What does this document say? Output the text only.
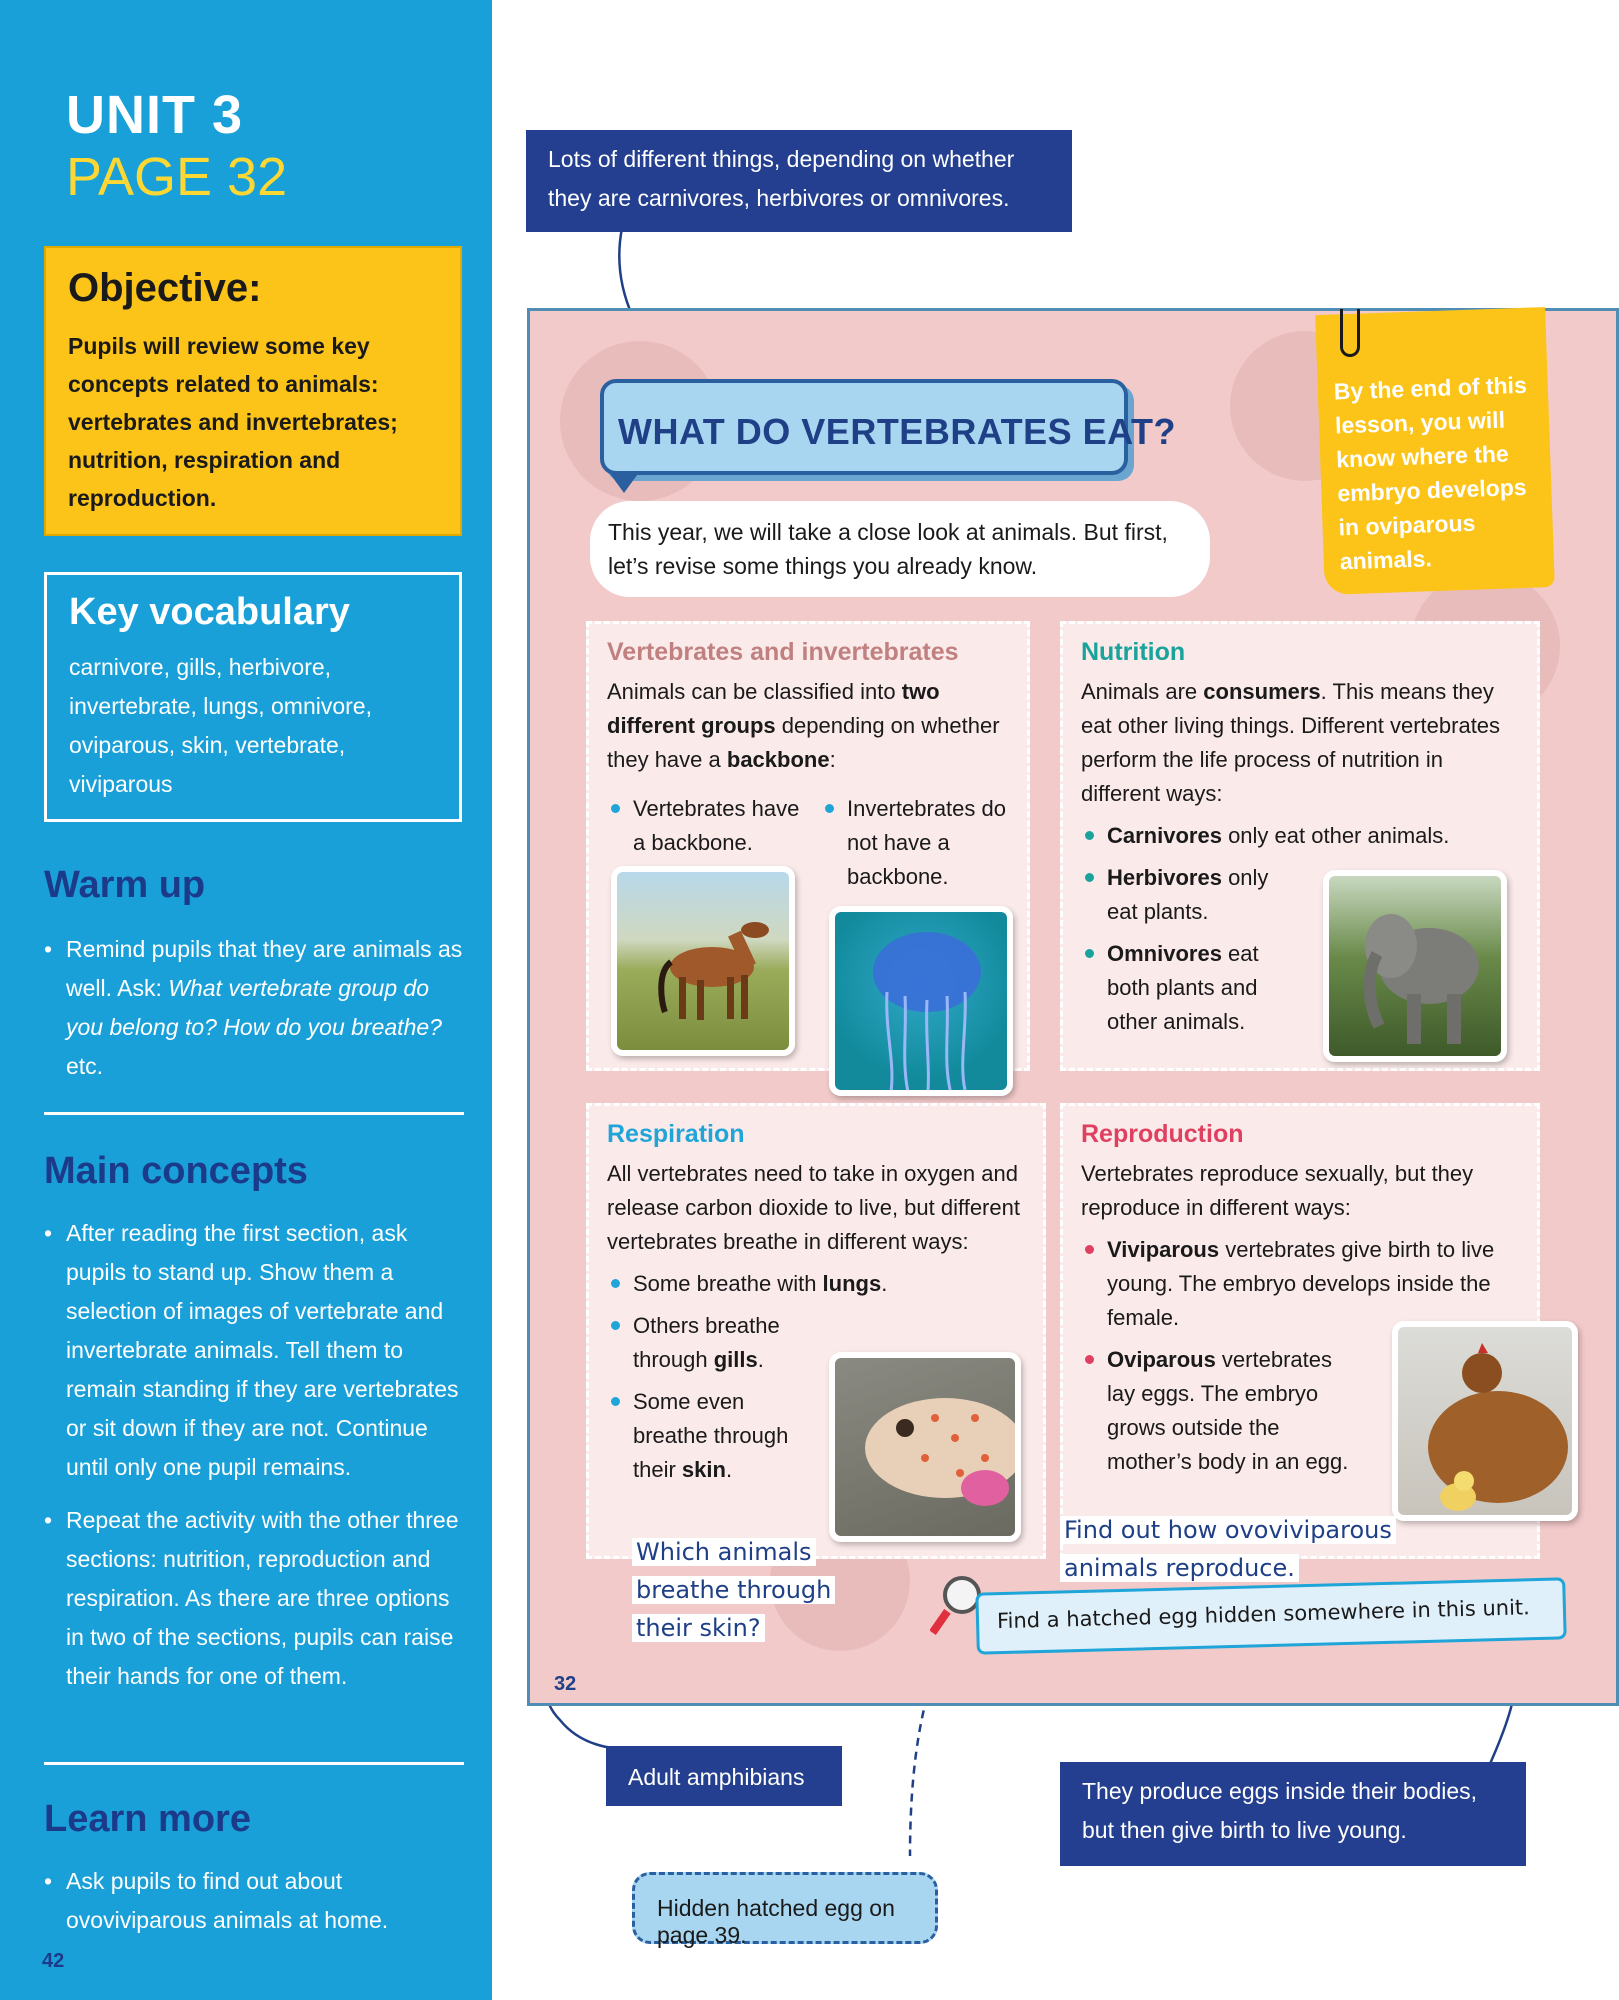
UNIT 3
PAGE 32
Objective:

Pupils will review some key concepts related to animals: vertebrates and invertebrates; nutrition, respiration and reproduction.

Key vocabulary

carnivore, gills, herbivore, invertebrate, lungs, omnivore, oviparous, skin, vertebrate, viviparous

Warm up
• Remind pupils that they are animals as well. Ask: What vertebrate group do you belong to? How do you breathe? etc.
Main concepts
• After reading the first section, ask pupils to stand up. Show them a selection of images of vertebrate and invertebrate animals. Tell them to remain standing if they are vertebrates or sit down if they are not. Continue until only one pupil remains.
• Repeat the activity with the other three sections: nutrition, reproduction and respiration. As there are three options in two of the sections, pupils can raise their hands for one of them.
Learn more
• Ask pupils to find out about ovoviviparous animals at home.
42
Lots of different things, depending on whether they are carnivores, herbivores or omnivores.
Adult amphibians
They produce eggs inside their bodies, but then give birth to live young.
Hidden hatched egg on page 39.
WHAT DO VERTEBRATES EAT?
This year, we will take a close look at animals. But first, let’s revise some things you already know.
By the end of this lesson, you will know where the embryo develops in oviparous animals.
Vertebrates and invertebrates

Animals can be classified into two different groups depending on whether they have a backbone:

Vertebrates have a backbone.
Invertebrates do not have a backbone.
Nutrition

Animals are consumers. This means they eat other living things. Different vertebrates perform the life process of nutrition in different ways:

Carnivores only eat other animals.
Herbivores only eat plants.
Omnivores eat both plants and other animals.
Respiration

All vertebrates need to take in oxygen and release carbon dioxide to live, but different vertebrates breathe in different ways:

Some breathe with lungs.
Others breathe through gills.
Some even breathe through their skin.
Reproduction

Vertebrates reproduce sexually, but they reproduce in different ways:

Viviparous vertebrates give birth to live young. The embryo develops inside the female.
Oviparous vertebrates lay eggs. The embryo grows outside the mother’s body in an egg.
Which animals
breathe through
their skin?
Find out how ovoviviparous
animals reproduce.
Find a hatched egg hidden somewhere in this unit.
32
